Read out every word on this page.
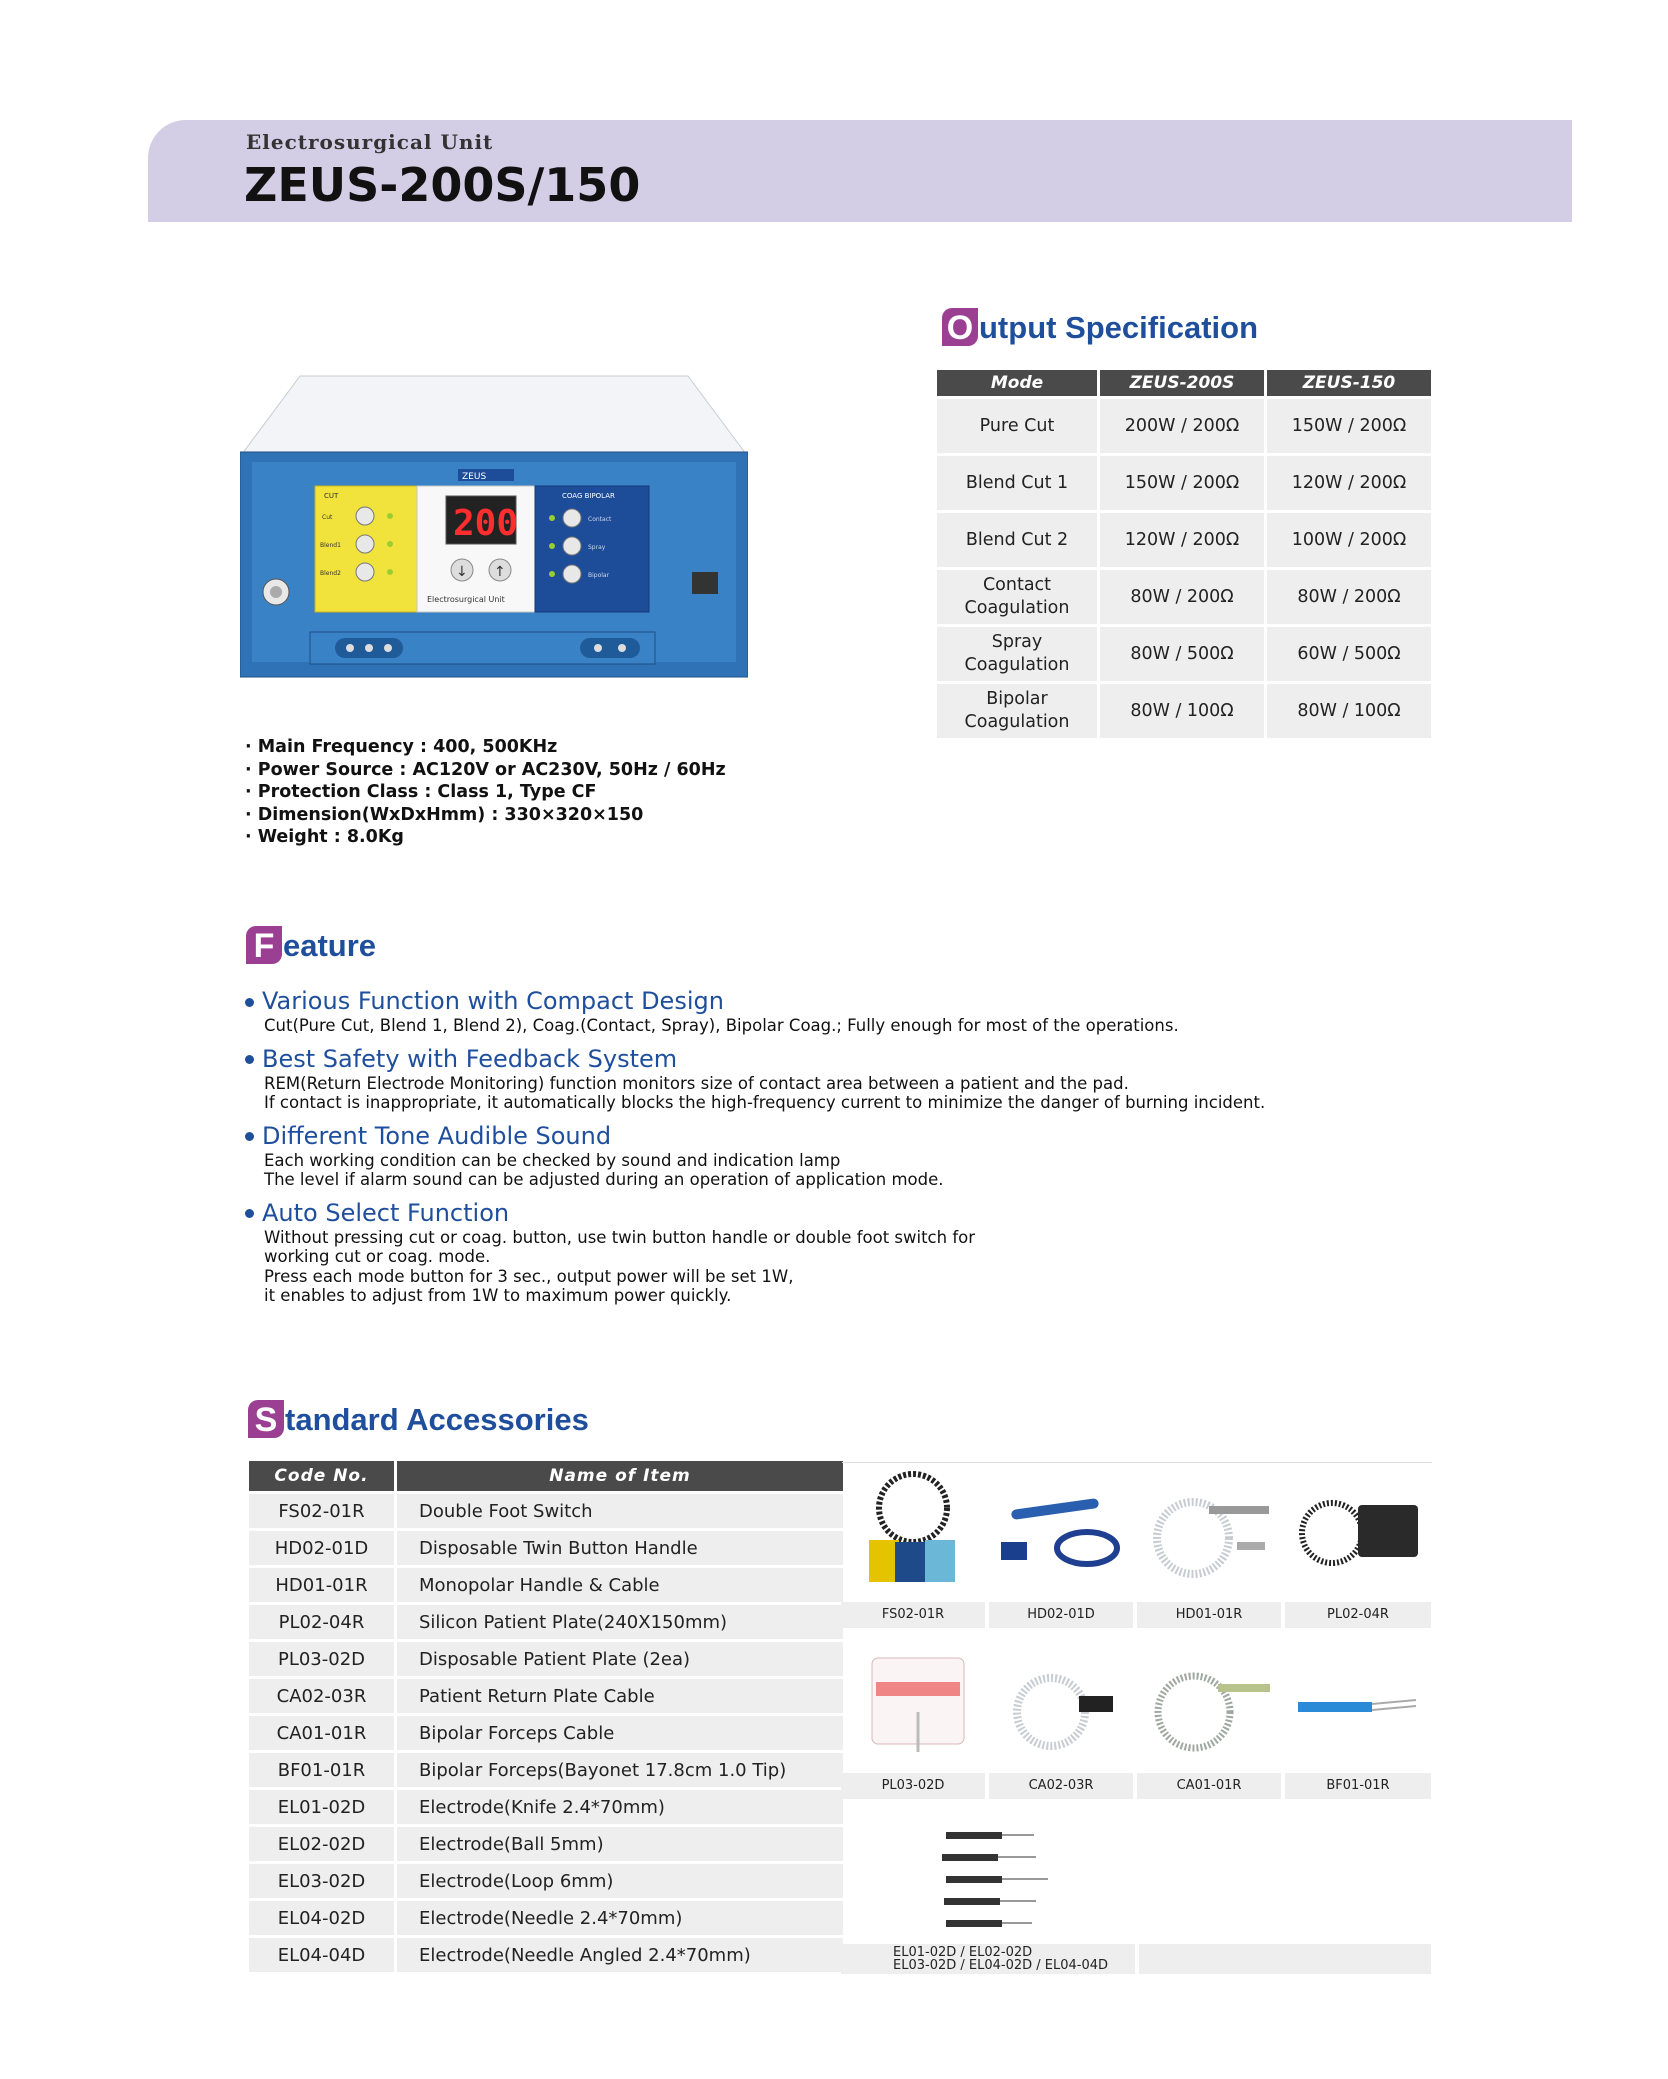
Electrosurgical Unit
ZEUS-200S/150
ZEUS
200
↓ ↑
Electrosurgical Unit
CUT
Cut
Blend1
Blend2
COAG BIPOLAR
Contact
Spray
Bipolar
· Main Frequency : 400, 500KHz
· Power Source : AC120V or AC230V, 50Hz / 60Hz
· Protection Class : Class 1, Type CF
· Dimension(WxDxHmm) : 330×320×150
· Weight : 8.0Kg
O utput Specification
Mode	ZEUS-200S	ZEUS-150
Pure Cut	200W / 200Ω	150W / 200Ω
Blend Cut 1	150W / 200Ω	120W / 200Ω
Blend Cut 2	120W / 200Ω	100W / 200Ω
Contact Coagulation	80W / 200Ω	80W / 200Ω
Spray Coagulation	80W / 500Ω	60W / 500Ω
Bipolar Coagulation	80W / 100Ω	80W / 100Ω
F eature
Various Function with Compact Design
Cut(Pure Cut, Blend 1, Blend 2), Coag.(Contact, Spray), Bipolar Coag.; Fully enough for most of the operations.
Best Safety with Feedback System
REM(Return Electrode Monitoring) function monitors size of contact area between a patient and the pad.
If contact is inappropriate, it automatically blocks the high-frequency current to minimize the danger of burning incident.
Different Tone Audible Sound
Each working condition can be checked by sound and indication lamp
The level if alarm sound can be adjusted during an operation of application mode.
Auto Select Function
Without pressing cut or coag. button, use twin button handle or double foot switch for
working cut or coag. mode.
Press each mode button for 3 sec., output power will be set 1W,
it enables to adjust from 1W to maximum power quickly.
S tandard Accessories
Code No.	Name of Item
FS02-01R	Double Foot Switch
HD02-01D	Disposable Twin Button Handle
HD01-01R	Monopolar Handle & Cable
PL02-04R	Silicon Patient Plate(240X150mm)
PL03-02D	Disposable Patient Plate (2ea)
CA02-03R	Patient Return Plate Cable
CA01-01R	Bipolar Forceps Cable
BF01-01R	Bipolar Forceps(Bayonet 17.8cm 1.0 Tip)
EL01-02D	Electrode(Knife 2.4*70mm)
EL02-02D	Electrode(Ball 5mm)
EL03-02D	Electrode(Loop 6mm)
EL04-02D	Electrode(Needle 2.4*70mm)
EL04-04D	Electrode(Needle Angled 2.4*70mm)
FS02-01R	HD02-01D	HD01-01R	PL02-04R
PL03-02D	CA02-03R	CA01-01R	BF01-01R
EL01-02D / EL02-02D
EL03-02D / EL04-02D / EL04-04D
